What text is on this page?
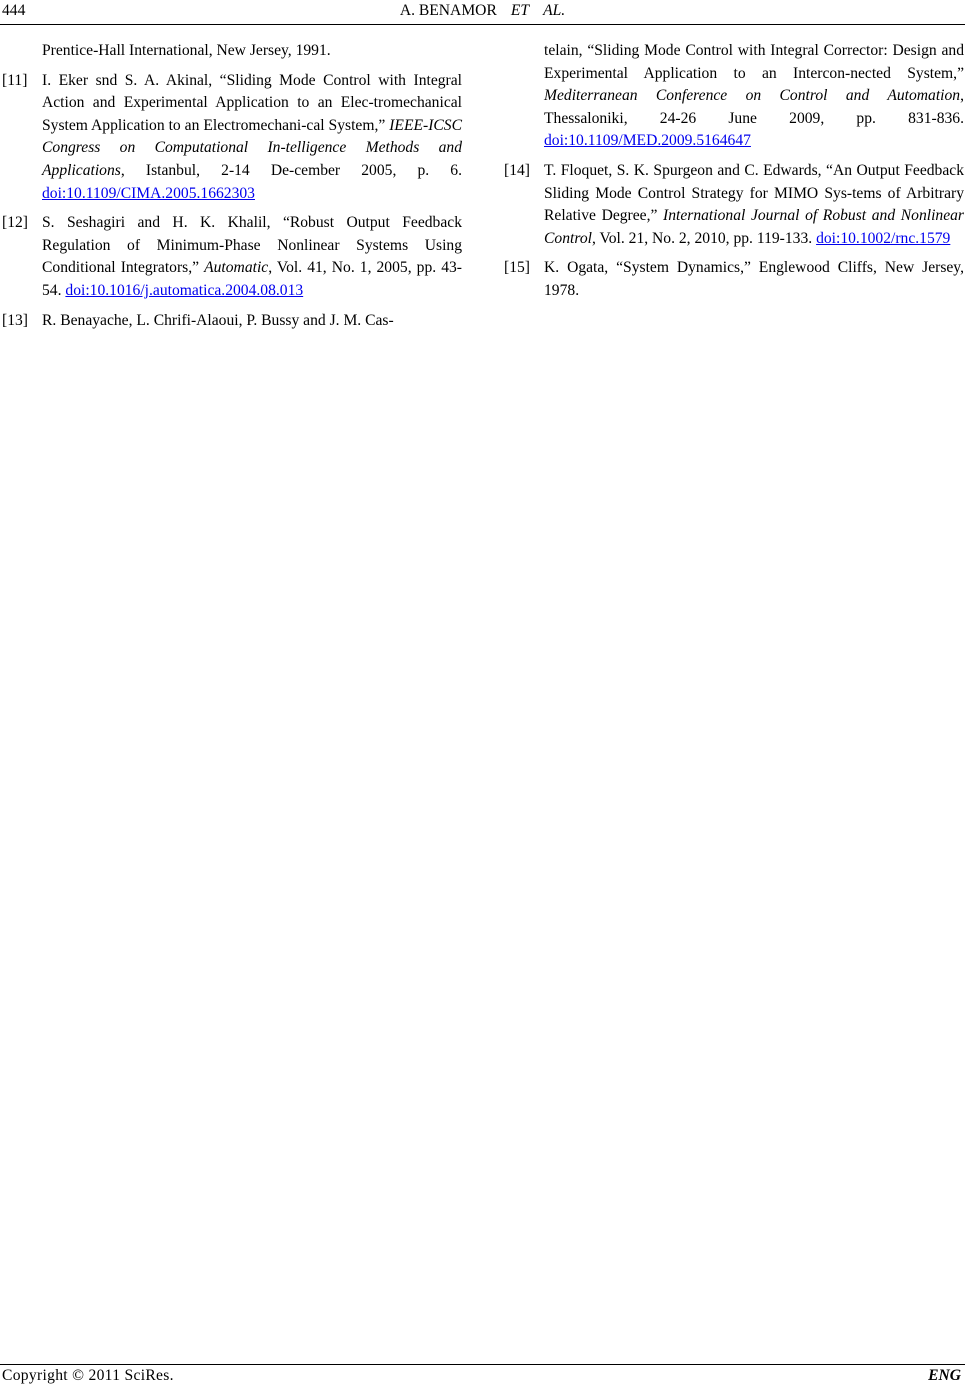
444	A. BENAMOR ET AL.
Prentice-Hall International, New Jersey, 1991.
[11] I. Eker snd S. A. Akinal, “Sliding Mode Control with Integral Action and Experimental Application to an Elec-tromechanical System Application to an Electromechani-cal System,” IEEE-ICSC Congress on Computational In-telligence Methods and Applications, Istanbul, 2-14 De-cember 2005, p. 6. doi:10.1109/CIMA.2005.1662303
[12] S. Seshagiri and H. K. Khalil, “Robust Output Feedback Regulation of Minimum-Phase Nonlinear Systems Using Conditional Integrators,” Automatic, Vol. 41, No. 1, 2005, pp. 43-54. doi:10.1016/j.automatica.2004.08.013
[13] R. Benayache, L. Chrifi-Alaoui, P. Bussy and J. M. Cas-
telain, “Sliding Mode Control with Integral Corrector: Design and Experimental Application to an Intercon-nected System,” Mediterranean Conference on Control and Automation, Thessaloniki, 24-26 June 2009, pp. 831-836. doi:10.1109/MED.2009.5164647
[14] T. Floquet, S. K. Spurgeon and C. Edwards, “An Output Feedback Sliding Mode Control Strategy for MIMO Sys-tems of Arbitrary Relative Degree,” International Journal of Robust and Nonlinear Control, Vol. 21, No. 2, 2010, pp. 119-133. doi:10.1002/rnc.1579
[15] K. Ogata, “System Dynamics,” Englewood Cliffs, New Jersey, 1978.
Copyright © 2011 SciRes.	ENG
